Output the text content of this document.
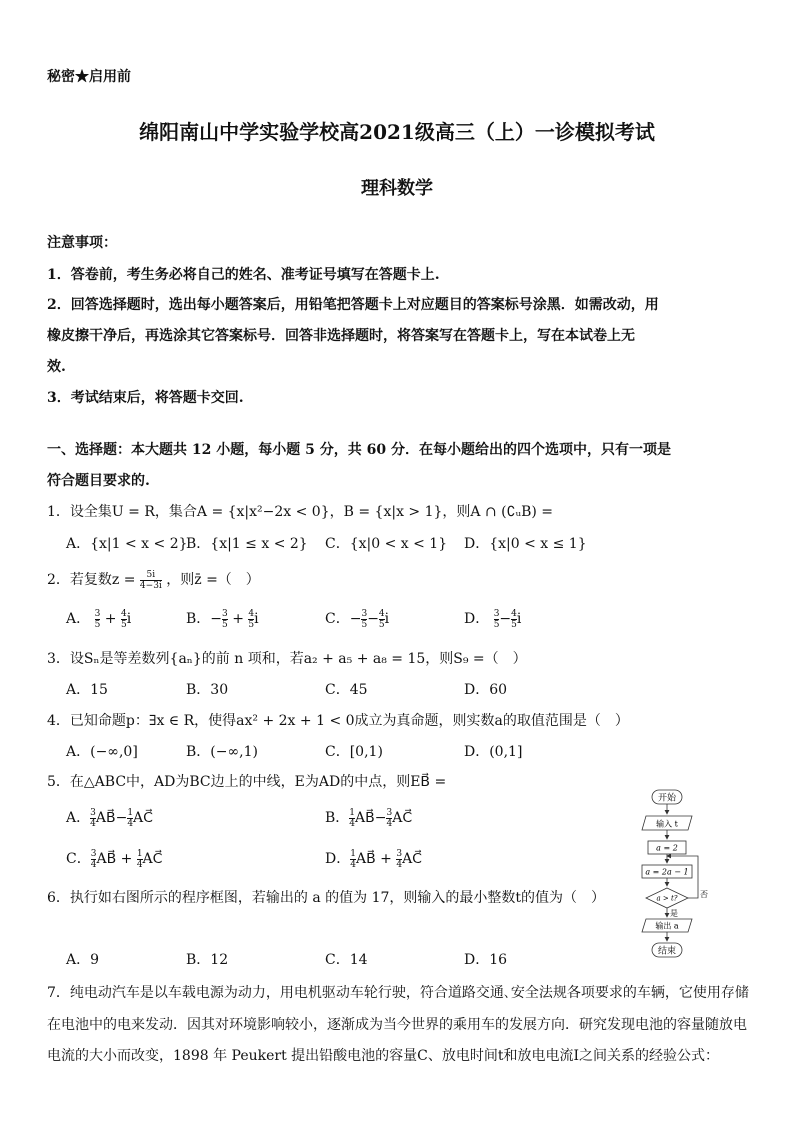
秘密★启用前
绵阳南山中学实验学校高2021级高三（上）一诊模拟考试
理科数学
注意事项：
1．答卷前，考生务必将自己的姓名、准考证号填写在答题卡上.
2．回答选择题时，选出每小题答案后，用铅笔把答题卡上对应题目的答案标号涂黑．如需改动，用
橡皮擦干净后，再选涂其它答案标号．回答非选择题时，将答案写在答题卡上，写在本试卷上无
效.
3．考试结束后，将答题卡交回.
一、选择题：本大题共 12 小题，每小题 5 分，共 60 分．在每小题给出的四个选项中，只有一项是
符合题目要求的.
1．设全集U = R，集合A = {x|x²−2x < 0}，B = {x|x > 1}，则A ∩ (∁ᵤB) =
A．{x|1 < x < 2}
B．{x|1 ≤ x < 2} C．{x|0 < x < 1} D．{x|0 < x ≤ 1}
2．若复数$z = \frac{5i}{4-3i}$ ，则z̄ =（　）
A． $\frac{3}{5} + \frac{4}{5}$ i	B．− $\frac{3}{5} + \frac{4}{5}$ i	C．− $\frac{3}{5} - \frac{4}{5}$ i	D． $\frac{3}{5} - \frac{4}{5}$ i
3．设Sₙ是等差数列{aₙ}的前 n 项和，若a₂ + a₅ + a₈ = 15，则S₉ =（　）
A．15	B．30	C．45	D．60
4．已知命题p：∃x ∈ R，使得ax² + 2x + 1 < 0成立为真命题，则实数a的取值范围是（　）
A．(−∞,0]	B．(−∞,1)	C．[0,1)	D．(0,1]
5．在△ABC中，AD为BC边上的中线，E为AD的中点，则EB⃗ =
A． $\frac{3}{4}$ AB⃗− $\frac{1}{4}$ AC⃗	B． $\frac{1}{4}$ AB⃗− $\frac{3}{4}$ AC⃗
C． $\frac{3}{4}$ AB⃗ + $\frac{1}{4}$ AC⃗	D． $\frac{1}{4}$ AB⃗ + $\frac{3}{4}$ AC⃗
6．执行如右图所示的程序框图，若输出的 a 的值为 17，则输入的最小整数t的值为（　）
A．9	B．12	C．14	D．16
开始
输入 t
a = 2
a = 2a − 1
a > t?	否
是
输出 a
结束
7．纯电动汽车是以车载电源为动力，用电机驱动车轮行驶，符合道路交通､安全法规各项要求的车辆，它使用存储
在电池中的电来发动．因其对环境影响较小，逐渐成为当今世界的乘用车的发展方向．研究发现电池的容量随放电
电流的大小而改变，1898 年 Peukert 提出铅酸电池的容量C、放电时间t和放电电流I之间关系的经验公式：
